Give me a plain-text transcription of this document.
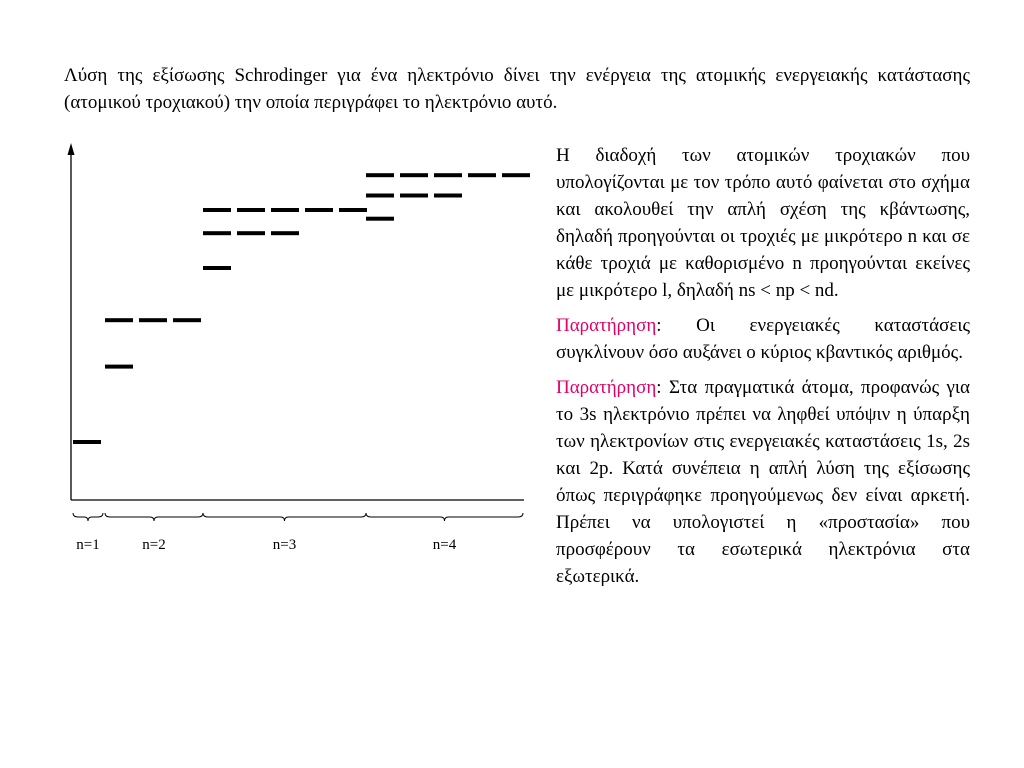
Λύση της εξίσωσης Schrodinger για ένα ηλεκτρόνιο δίνει την ενέργεια της ατομικής ενεργειακής κατάστασης (ατομικού τροχιακού) την οποία περιγράφει το ηλεκτρόνιο αυτό.

Η διαδοχή των ατομικών τροχιακών που υπολογίζονται με τον τρόπο αυτό φαίνεται στο σχήμα και ακολουθεί την απλή σχέση της κβάντωσης, δηλαδή προηγούνται οι τροχιές με μικρότερο n και σε κάθε τροχιά με καθορισμένο n προηγούνται εκείνες με μικρότερο l, δηλαδή ns < np < nd.

Παρατήρηση: Οι ενεργειακές καταστάσεις συγκλίνουν όσο αυξάνει ο κύριος κβαντικός αριθμός.

Παρατήρηση: Στα πραγματικά άτομα, προφανώς για το 3s ηλεκτρόνιο πρέπει να ληφθεί υπόψιν η ύπαρξη των ηλεκτρονίων στις ενεργειακές καταστάσεις 1s, 2s και 2p. Κατά συνέπεια η απλή λύση της εξίσωσης όπως περιγράφηκε προηγούμενως δεν είναι αρκετή. Πρέπει να υπολογιστεί η «προστασία» που προσφέρουν τα εσωτερικά ηλεκτρόνια στα εξωτερικά.

n=1	n=2	n=3	n=4
